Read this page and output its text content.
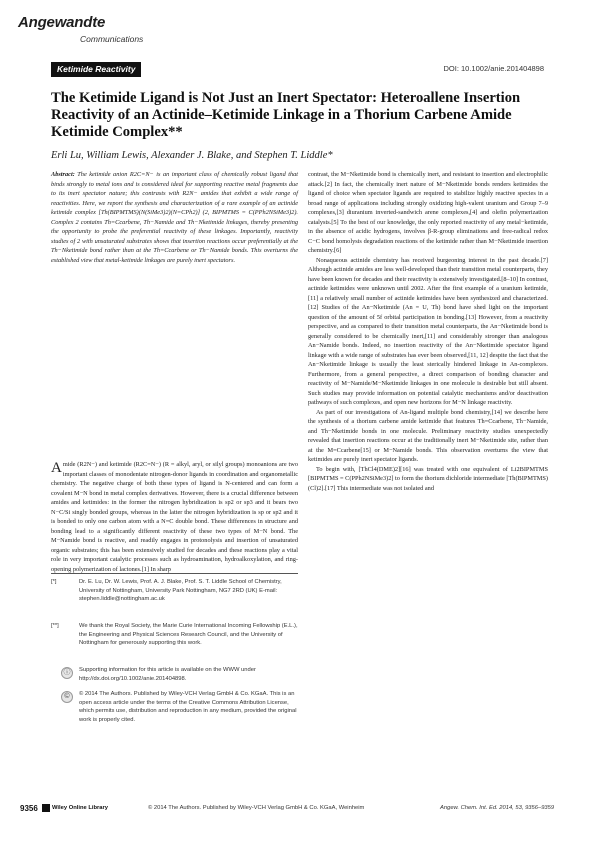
Angewandte
Communications
Ketimide Reactivity	DOI: 10.1002/anie.201404898
The Ketimide Ligand is Not Just an Inert Spectator: Heteroallene Insertion Reactivity of an Actinide–Ketimide Linkage in a Thorium Carbene Amide Ketimide Complex**
Erli Lu, William Lewis, Alexander J. Blake, and Stephen T. Liddle*
Abstract: The ketimide anion R2C=N− is an important class of chemically robust ligand that binds strongly to metal ions and is considered ideal for supporting reactive metal fragments due to its inert spectator nature; this contrasts with R2N− amides that exhibit a wide range of reactivities. Here, we report the synthesis and characterization of a rare example of an actinide ketimide complex [Th(BIPMTMS)(N(SiMe3)2)(N=CPh2)] (2, BIPMTMS = C(PPh2NSiMe3)2). Complex 2 contains Th=Ccarbene, Th−Namide and Th−Nketimide linkages, thereby presenting the opportunity to probe the preferential reactivity of these linkages. Importantly, reactivity studies of 2 with unsaturated substrates shows that insertion reactions occur preferentially at the Th−Nketimide bond rather than at the Th=Ccarbene or Th−Namide bonds. This overturns the established view that metal-ketimide linkages are purely inert spectators.
A mide (R2N−) and ketimide (R2C=N−) (R = alkyl, aryl, or silyl groups) monoanions are two important classes of monodentate nitrogen-donor ligands in coordination and organometallic chemistry. The negative charge of both these types of ligand is N-centered and can form a covalent M−N bond in metal complex derivatives. However, there is a crucial difference between amides and ketimides: in the former the nitrogen hybridization is sp2 or sp3 and it bears two N−C/Si singly bonded groups, whereas in the latter the nitrogen hybridization is sp or sp2 and it is bonded to only one carbon atom with a N=C double bond. These differences in structure and bonding lead to a significantly different reactivity of these two types of M−N bond. The M−Namide bond is reactive, and readily engages in protonolysis and insertion of unsaturated organic substrates; this has been extensively studied for decades and these reactions play a vital role in very important catalytic processes such as hydroamination, hydroalkoxylation, and ring-opening polymerization of lactones.[1] In sharp
[*]	Dr. E. Lu, Dr. W. Lewis, Prof. A. J. Blake, Prof. S. T. Liddle School of Chemistry, University of Nottingham, University Park Nottingham, NG7 2RD (UK) E-mail: stephen.liddle@nottingham.ac.uk
[**]	We thank the Royal Society, the Marie Curie International Incoming Fellowship (E.L.), the Engineering and Physical Sciences Research Council, and the University of Nottingham for generously supporting this work.
ⓘ	Supporting information for this article is available on the WWW under http://dx.doi.org/10.1002/anie.201404898.
©	© 2014 The Authors. Published by Wiley-VCH Verlag GmbH & Co. KGaA. This is an open access article under the terms of the Creative Commons Attribution License, which permits use, distribution and reproduction in any medium, provided the original work is properly cited.

contrast, the M−Nketimide bond is chemically inert, and resistant to insertion and electrophilic attack.[2] In fact, the chemically inert nature of M−Nketimide bonds renders ketimides the ligand of choice when spectator ligands are required to stabilize highly reactive species in a broad range of applications including strongly oxidizing high-valent uranium and Group 7–9 complexes,[3] diuranium inverted-sandwich arene complexes,[4] and olefin polymerization catalysts.[5] To the best of our knowledge, the only reported reactivity of any metal−ketimide, in the absence of acidic hydrogens, involves β-R-group eliminations and free-radical redox C−C bond homolysis degradation reactions of the ketimide rather than M−Nketimide insertion chemistry.[6]

Nonaqueous actinide chemistry has received burgeoning interest in the past decade.[7] Although actinide amides are less well-developed than their transition metal counterparts, they have been known for decades and their reactivity is extensively investigated.[8–10] In contrast, actinide ketimides were unknown until 2002. After the first example of a uranium ketimide,[11] a relatively small number of actinide ketimides have been synthesized and characterized.[12] Studies of the An−Nketimide (An = U, Th) bond have shed light on the important question of the amount of 5f orbital participation in bonding.[13] However, from a reactivity perspective, and as compared to their transition metal counterparts, the An−Nketimide bond is generally considered to be chemically inert,[11] and considerably stronger than analogous An−Namide bonds. Indeed, no insertion reactivity of the An−Nketimide spectator ligand linkage with a wide range of substrates has ever been observed,[11, 12] despite the fact that the An−Nketimide linkage is usually the least sterically hindered linkage in An-complexes. Furthermore, from a general perspective, a direct comparison of bonding character and reactivity of M−Namide/M−Nketimide linkages in one molecule is desirable but still absent. Such studies may provide information on potential catalytic mechanisms and/or deactivation pathways of such complexes, and open new horizons for M−N linkage reactivity.

As part of our investigations of An-ligand multiple bond chemistry,[14] we describe here the synthesis of a thorium carbene amide ketimide that features Th=Ccarbene, Th−Namide, and Th−Nketimide bonds in one molecule. Preliminary reactivity studies unexpectedly revealed that insertion reactions occur at the traditionally inert M−Nketimide site, rather than at the M=Ccarbene[15] or M−Namide bonds. This observation overturns the view that ketimides are purely inert spectator ligands.

To begin with, [ThCl4(DME)2][16] was treated with one equivalent of Li2BIPMTMS [BIPMTMS = C(PPh2NSiMe3)2] to form the thorium dichloride intermediate [Th(BIPMTMS)(Cl)2].[17] This intermediate was not isolated and

9356 Wiley Online Library	© 2014 The Authors. Published by Wiley-VCH Verlag GmbH & Co. KGaA, Weinheim	Angew. Chem. Int. Ed. 2014, 53, 9356–9359
